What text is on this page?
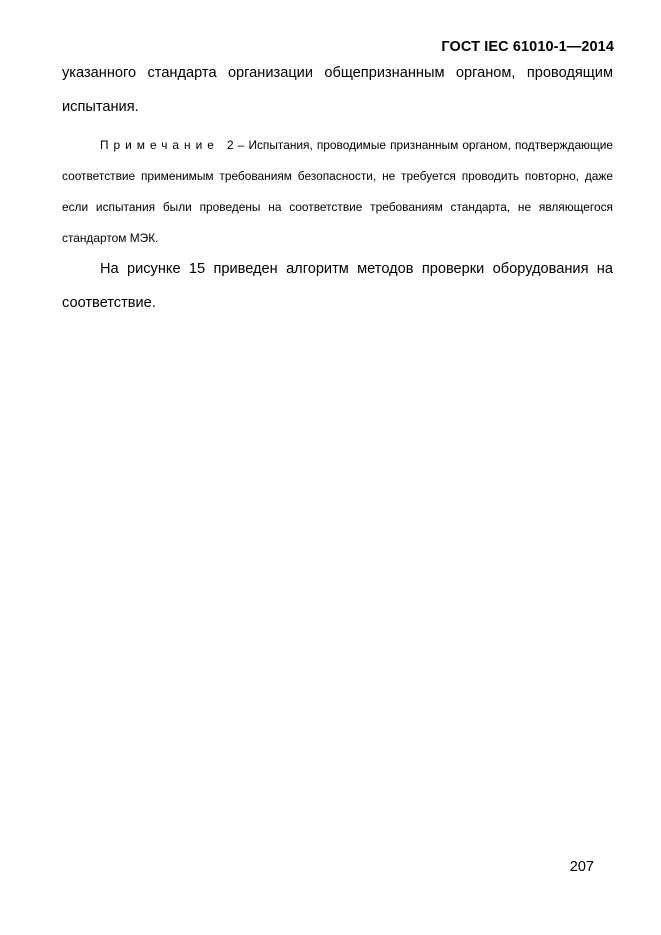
ГОСТ IEC 61010-1—2014
указанного стандарта организации общепризнанным органом, проводящим испытания.
Примечание 2 – Испытания, проводимые признанным органом, подтверждающие соответствие применимым требованиям безопасности, не требуется проводить повторно, даже если испытания были проведены на соответствие требованиям стандарта, не являющегося стандартом МЭК.
На рисунке 15 приведен алгоритм методов проверки оборудования на соответствие.
207
